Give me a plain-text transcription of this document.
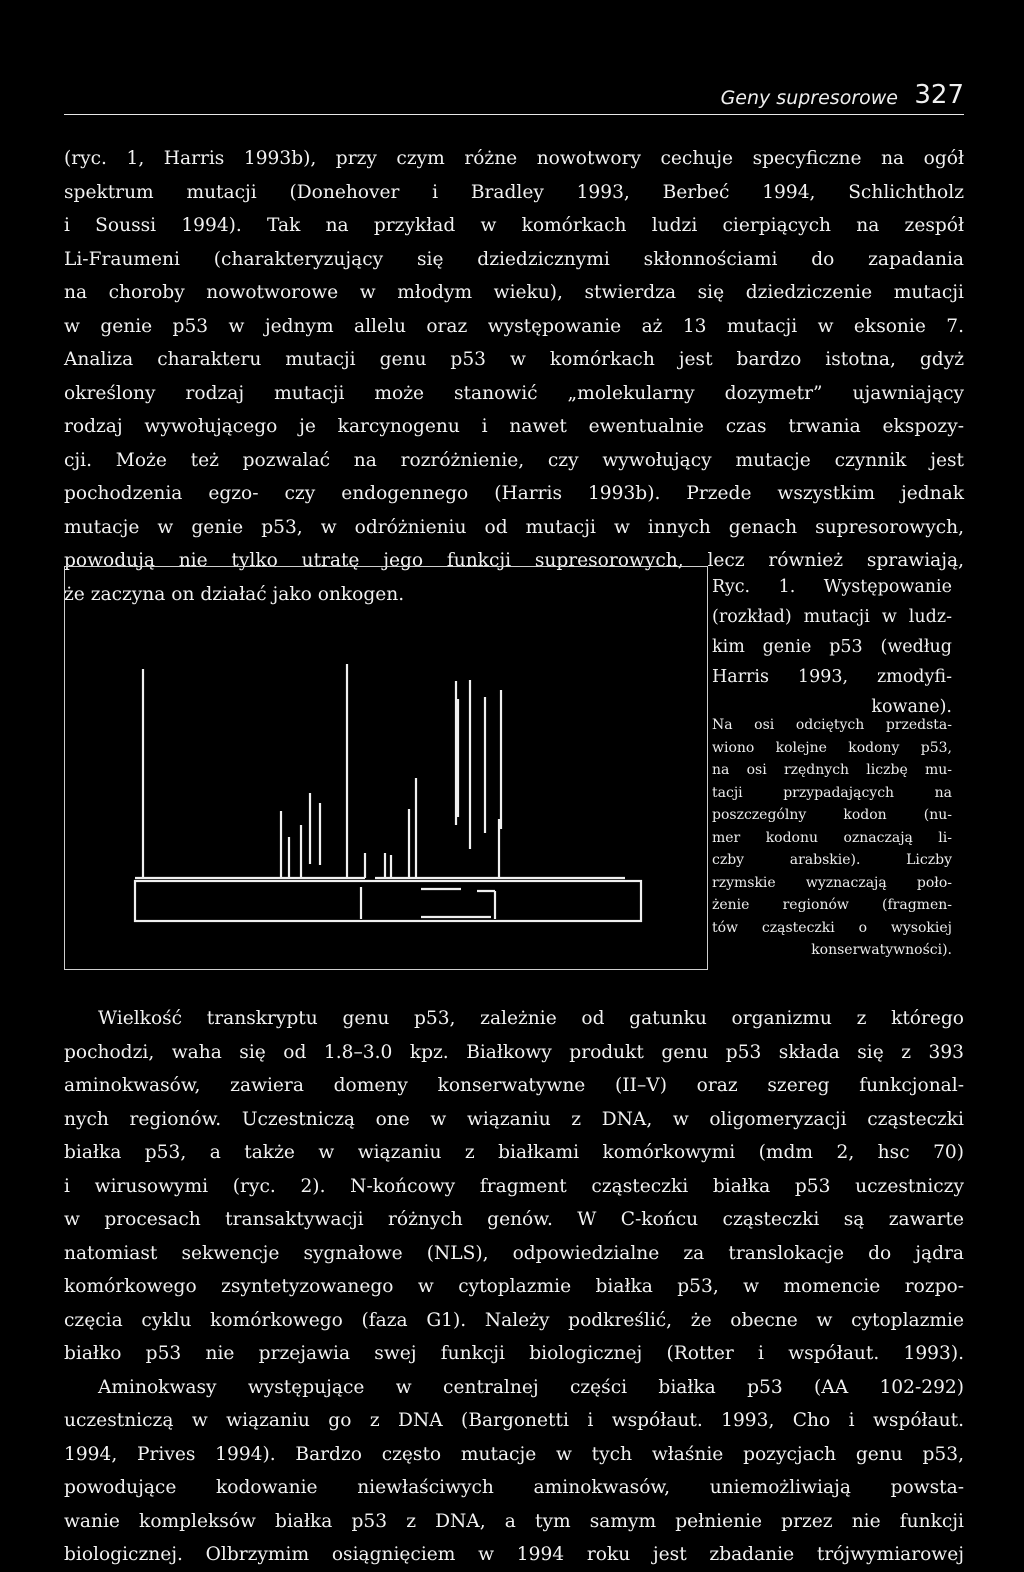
Geny supresorowe 327
(ryc. 1, Harris 1993b), przy czym różne nowotwory cechuje specyficzne na ogół
spektrum mutacji (Donehover i Bradley 1993, Berbeć 1994, Schlichtholz
i Soussi 1994). Tak na przykład w komórkach ludzi cierpiących na zespół
Li-Fraumeni (charakteryzujący się dziedzicznymi skłonnościami do zapadania
na choroby nowotworowe w młodym wieku), stwierdza się dziedziczenie mutacji
w genie p53 w jednym allelu oraz występowanie aż 13 mutacji w eksonie 7.
Analiza charakteru mutacji genu p53 w komórkach jest bardzo istotna, gdyż
określony rodzaj mutacji może stanowić „molekularny dozymetr” ujawniający
rodzaj wywołującego je karcynogenu i nawet ewentualnie czas trwania ekspozy-
cji. Może też pozwalać na rozróżnienie, czy wywołujący mutacje czynnik jest
pochodzenia egzo- czy endogennego (Harris 1993b). Przede wszystkim jednak
mutacje w genie p53, w odróżnieniu od mutacji w innych genach supresorowych,
powodują nie tylko utratę jego funkcji supresorowych, lecz również sprawiają,
że zaczyna on działać jako onkogen.	Ryc. 1. Występowanie
(rozkład) mutacji w ludz-
kim genie p53 (według
Harris 1993, zmodyfi-
kowane).
Na osi odciętych przedsta-
wiono kolejne kodony p53,
na osi rzędnych liczbę mu-
tacji przypadających na
poszczególny kodon (nu-
mer kodonu oznaczają li-
czby arabskie). Liczby
rzymskie wyznaczają poło-
żenie regionów (fragmen-
tów cząsteczki o wysokiej
konserwatywności).
Wielkość transkryptu genu p53, zależnie od gatunku organizmu z którego
pochodzi, waha się od 1.8–3.0 kpz. Białkowy produkt genu p53 składa się z 393
aminokwasów, zawiera domeny konserwatywne (II–V) oraz szereg funkcjonal-
nych regionów. Uczestniczą one w wiązaniu z DNA, w oligomeryzacji cząsteczki
białka p53, a także w wiązaniu z białkami komórkowymi (mdm 2, hsc 70)
i wirusowymi (ryc. 2). N-końcowy fragment cząsteczki białka p53 uczestniczy
w procesach transaktywacji różnych genów. W C-końcu cząsteczki są zawarte
natomiast sekwencje sygnałowe (NLS), odpowiedzialne za translokacje do jądra
komórkowego zsyntetyzowanego w cytoplazmie białka p53, w momencie rozpo-
częcia cyklu komórkowego (faza G1). Należy podkreślić, że obecne w cytoplazmie
białko p53 nie przejawia swej funkcji biologicznej (Rotter i współaut. 1993).
Aminokwasy występujące w centralnej części białka p53 (AA 102-292)
uczestniczą w wiązaniu go z DNA (Bargonetti i współaut. 1993, Cho i współaut.
1994, Prives 1994). Bardzo często mutacje w tych właśnie pozycjach genu p53,
powodujące kodowanie niewłaściwych aminokwasów, uniemożliwiają powsta-
wanie kompleksów białka p53 z DNA, a tym samym pełnienie przez nie funkcji
biologicznej. Olbrzymim osiągnięciem w 1994 roku jest zbadanie trójwymiarowej
